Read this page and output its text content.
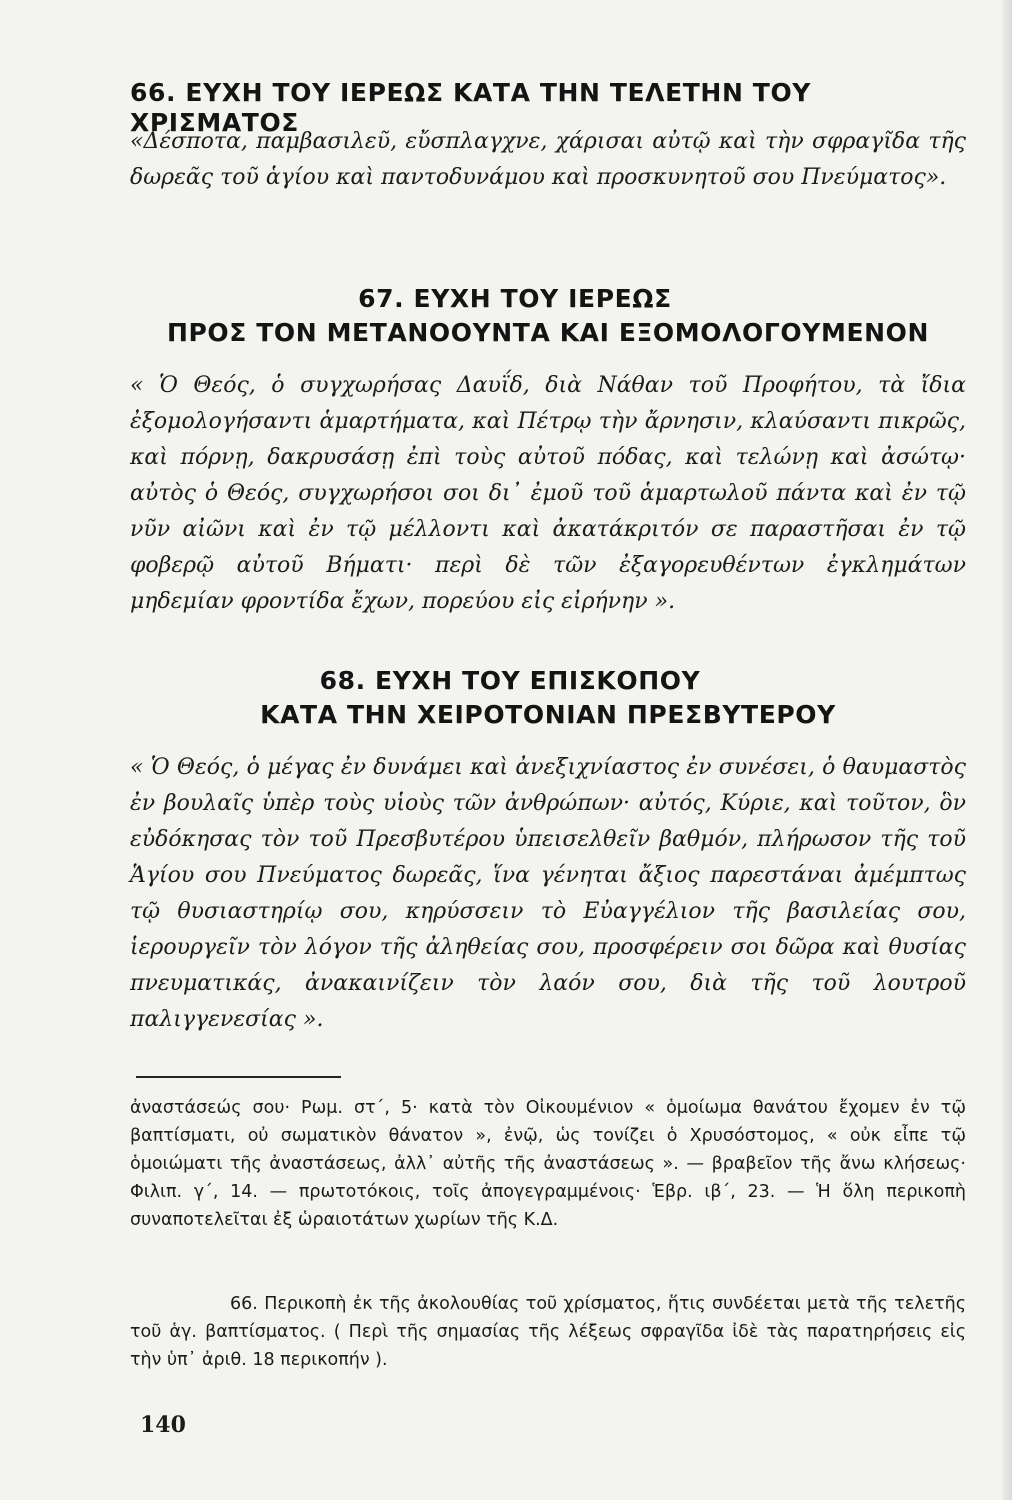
66. ΕΥΧΗ ΤΟΥ ΙΕΡΕΩΣ ΚΑΤΑ ΤΗΝ ΤΕΛΕΤΗΝ ΤΟΥ ΧΡΙΣΜΑΤΟΣ

«Δέσποτα, παμβασιλεῦ, εὔσπλαγχνε, χάρισαι αὐτῷ καὶ τὴν σφραγῖδα τῆς δωρεᾶς τοῦ ἁγίου καὶ παντοδυνάμου καὶ προσκυνητοῦ σου Πνεύματος».

67. ΕΥΧΗ ΤΟΥ ΙΕΡΕΩΣ
ΠΡΟΣ ΤΟΝ ΜΕΤΑΝΟΟΥΝΤΑ ΚΑΙ ΕΞΟΜΟΛΟΓΟΥΜΕΝΟΝ

« Ὁ Θεός, ὁ συγχωρήσας Δαυΐδ, διὰ Νάθαν τοῦ Προφήτου, τὰ ἴδια ἐξομολογήσαντι ἁμαρτήματα, καὶ Πέτρῳ τὴν ἄρνησιν, κλαύσαντι πικρῶς, καὶ πόρνῃ, δακρυσάσῃ ἐπὶ τοὺς αὐτοῦ πόδας, καὶ τελώνῃ καὶ ἀσώτῳ· αὐτὸς ὁ Θεός, συγχωρήσοι σοι δι᾽ ἐμοῦ τοῦ ἁμαρτωλοῦ πάντα καὶ ἐν τῷ νῦν αἰῶνι καὶ ἐν τῷ μέλλοντι καὶ ἀκατάκριτόν σε παραστῆσαι ἐν τῷ φοβερῷ αὐτοῦ Βήματι· περὶ δὲ τῶν ἐξαγορευθέντων ἐγκλημάτων μηδεμίαν φροντίδα ἔχων, πορεύου εἰς εἰρήνην ».

68. ΕΥΧΗ ΤΟΥ ΕΠΙΣΚΟΠΟΥ
ΚΑΤΑ ΤΗΝ ΧΕΙΡΟΤΟΝΙΑΝ ΠΡΕΣΒΥΤΕΡΟΥ

« Ὁ Θεός, ὁ μέγας ἐν δυνάμει καὶ ἀνεξιχνίαστος ἐν συνέσει, ὁ θαυμαστὸς ἐν βουλαῖς ὑπὲρ τοὺς υἱοὺς τῶν ἀνθρώπων· αὐτός, Κύριε, καὶ τοῦτον, ὃν εὐδόκησας τὸν τοῦ Πρεσβυτέρου ὑπεισελθεῖν βαθμόν, πλήρωσον τῆς τοῦ Ἁγίου σου Πνεύματος δωρεᾶς, ἵνα γένηται ἄξιος παρεστάναι ἀμέμπτως τῷ θυσιαστηρίῳ σου, κηρύσσειν τὸ Εὐαγγέλιον τῆς βασιλείας σου, ἱερουργεῖν τὸν λόγον τῆς ἀληθείας σου, προσφέρειν σοι δῶρα καὶ θυσίας πνευματικάς, ἀνακαινίζειν τὸν λαόν σου, διὰ τῆς τοῦ λουτροῦ παλιγγενεσίας ».

ἀναστάσεώς σου· Ρωμ. στ΄, 5· κατὰ τὸν Οἰκουμένιον « ὁμοίωμα θανάτου ἔχομεν ἐν τῷ βαπτίσματι, οὐ σωματικὸν θάνατον », ἐνῷ, ὡς τονίζει ὁ Χρυσόστομος, « οὐκ εἶπε τῷ ὁμοιώματι τῆς ἀναστάσεως, ἀλλ᾽ αὐτῆς τῆς ἀναστάσεως ». — βραβεῖον τῆς ἄνω κλήσεως· Φιλιπ. γ΄, 14. — πρωτοτόκοις, τοῖς ἀπογεγραμμένοις· Ἑβρ. ιβ΄, 23. — Ἡ ὅλη περικοπὴ συναποτελεῖται ἐξ ὡραιοτάτων χωρίων τῆς Κ.Δ.

66. Περικοπὴ ἐκ τῆς ἀκολουθίας τοῦ χρίσματος, ἥτις συνδέεται μετὰ τῆς τελετῆς τοῦ ἁγ. βαπτίσματος. ( Περὶ τῆς σημασίας τῆς λέξεως σφραγῖδα ἰδὲ τὰς παρατηρήσεις εἰς τὴν ὑπ᾽ ἀριθ. 18 περικοπήν ).

140
